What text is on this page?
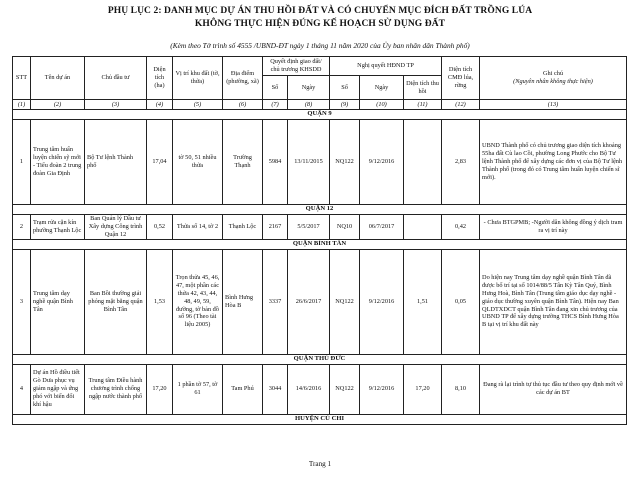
PHỤ LỤC 2: DANH MỤC DỰ ÁN THU HỒI ĐẤT VÀ CÓ CHUYỂN MỤC ĐÍCH ĐẤT TRỒNG LÚA
KHÔNG THỰC HIỆN ĐÚNG KẾ HOẠCH SỬ DỤNG ĐẤT
(Kèm theo Tờ trình số 4555 /UBND-ĐT ngày 1 tháng 11 năm 2020 của Ủy ban nhân dân Thành phố)
STT	Tên dự án	Chủ đầu tư	Diện tích (ha)	Vị trí khu đất (tờ, thửa)	Địa điểm (phường, xã)	Quyết định giao đất/ chủ trương KHSDD		Nghị quyết HĐND TP			Diện tích CMĐ lúa, rừng	Ghi chú
(Nguyên nhân không thực hiện)

						Số	Ngày	Số	Ngày	Diện tích thu hồi		
(1)	(2)	(3)	(4)	(5)	(6)	(7)	(8)	(9)	(10)	(11)	(12)	(13)
QUẬN 9												
1	Trung tâm huấn luyện chiến sỹ mới - Tiểu đoàn 2 trung đoàn Gia Định	Bộ Tư lệnh Thành phố	17,04	tờ 50, 51 nhiều thửa	Trường Thạnh	5984	13/11/2015	NQ122	9/12/2016		2,83	UBND Thành phố có chủ trương giao diện tích khoảng 55ha đất Cù lao Cồi, phường Long Phước cho Bộ Tư lệnh Thành phố để xây dựng các đơn vị của Bộ Tư lệnh Thành phố (trong đó có Trung tâm huấn luyện chiến sĩ mới).
QUẬN 12												
2	Trạm rửa cặn kín phường Thạnh Lộc	Ban Quản lý Dầu tư Xây dựng Công trình Quận 12	0,52	Thửa số 14, tờ 2	Thạnh Lộc	2167	5/5/2017	NQ10	06/7/2017		0,42	- Chưa BTGPMB; -Người dân không đồng ý dịch tram ra vị trí này
QUẬN BÌNH TÂN												
3	Trung tâm dạy nghề quận Bình Tân	Ban Bồi thường giải phóng mặt bằng quận Bình Tân	1,53	Trọn thửa 45, 46, 47, một phần các thửa 42, 43, 44, 48, 49, 59, đường, tờ bản đồ số 96 (Theo tài liệu 2005)	Bình Hưng Hòa B	3337	26/6/2017	NQ122	9/12/2016	1,51	0,05	Do hiện nay Trung tâm dạy nghề quận Bình Tân đã được bố trí tại số 1014/88/5 Tân Kỳ Tân Quý, Bình Hưng Hoà, Bình Tân (Trung tâm giáo dục dạy nghề - giáo dục thường xuyên quận Bình Tân). Hiện nay Ban QLDTXDCT quận Bình Tân đang xin chủ trương của UBND TP để xây dựng trường THCS Bình Hưng Hòa B tại vị trí khu đất này
QUẬN THỦ ĐỨC												
4	Dự án Hồ điều tiết Gò Dưa phục vụ giảm ngập và ứng phó với biến đổi khí hậu	Trung tâm Điều hành chương trình chống ngập nước thành phố	17,20	1 phần tờ 57, tờ 61	Tam Phú	3044	14/6/2016	NQ122	9/12/2016	17,20	8,10	Đang rà lại trình tự thủ tục đầu tư theo quy định mới về các dự án BT
HUYỆN CỦ CHI												
Trang 1
